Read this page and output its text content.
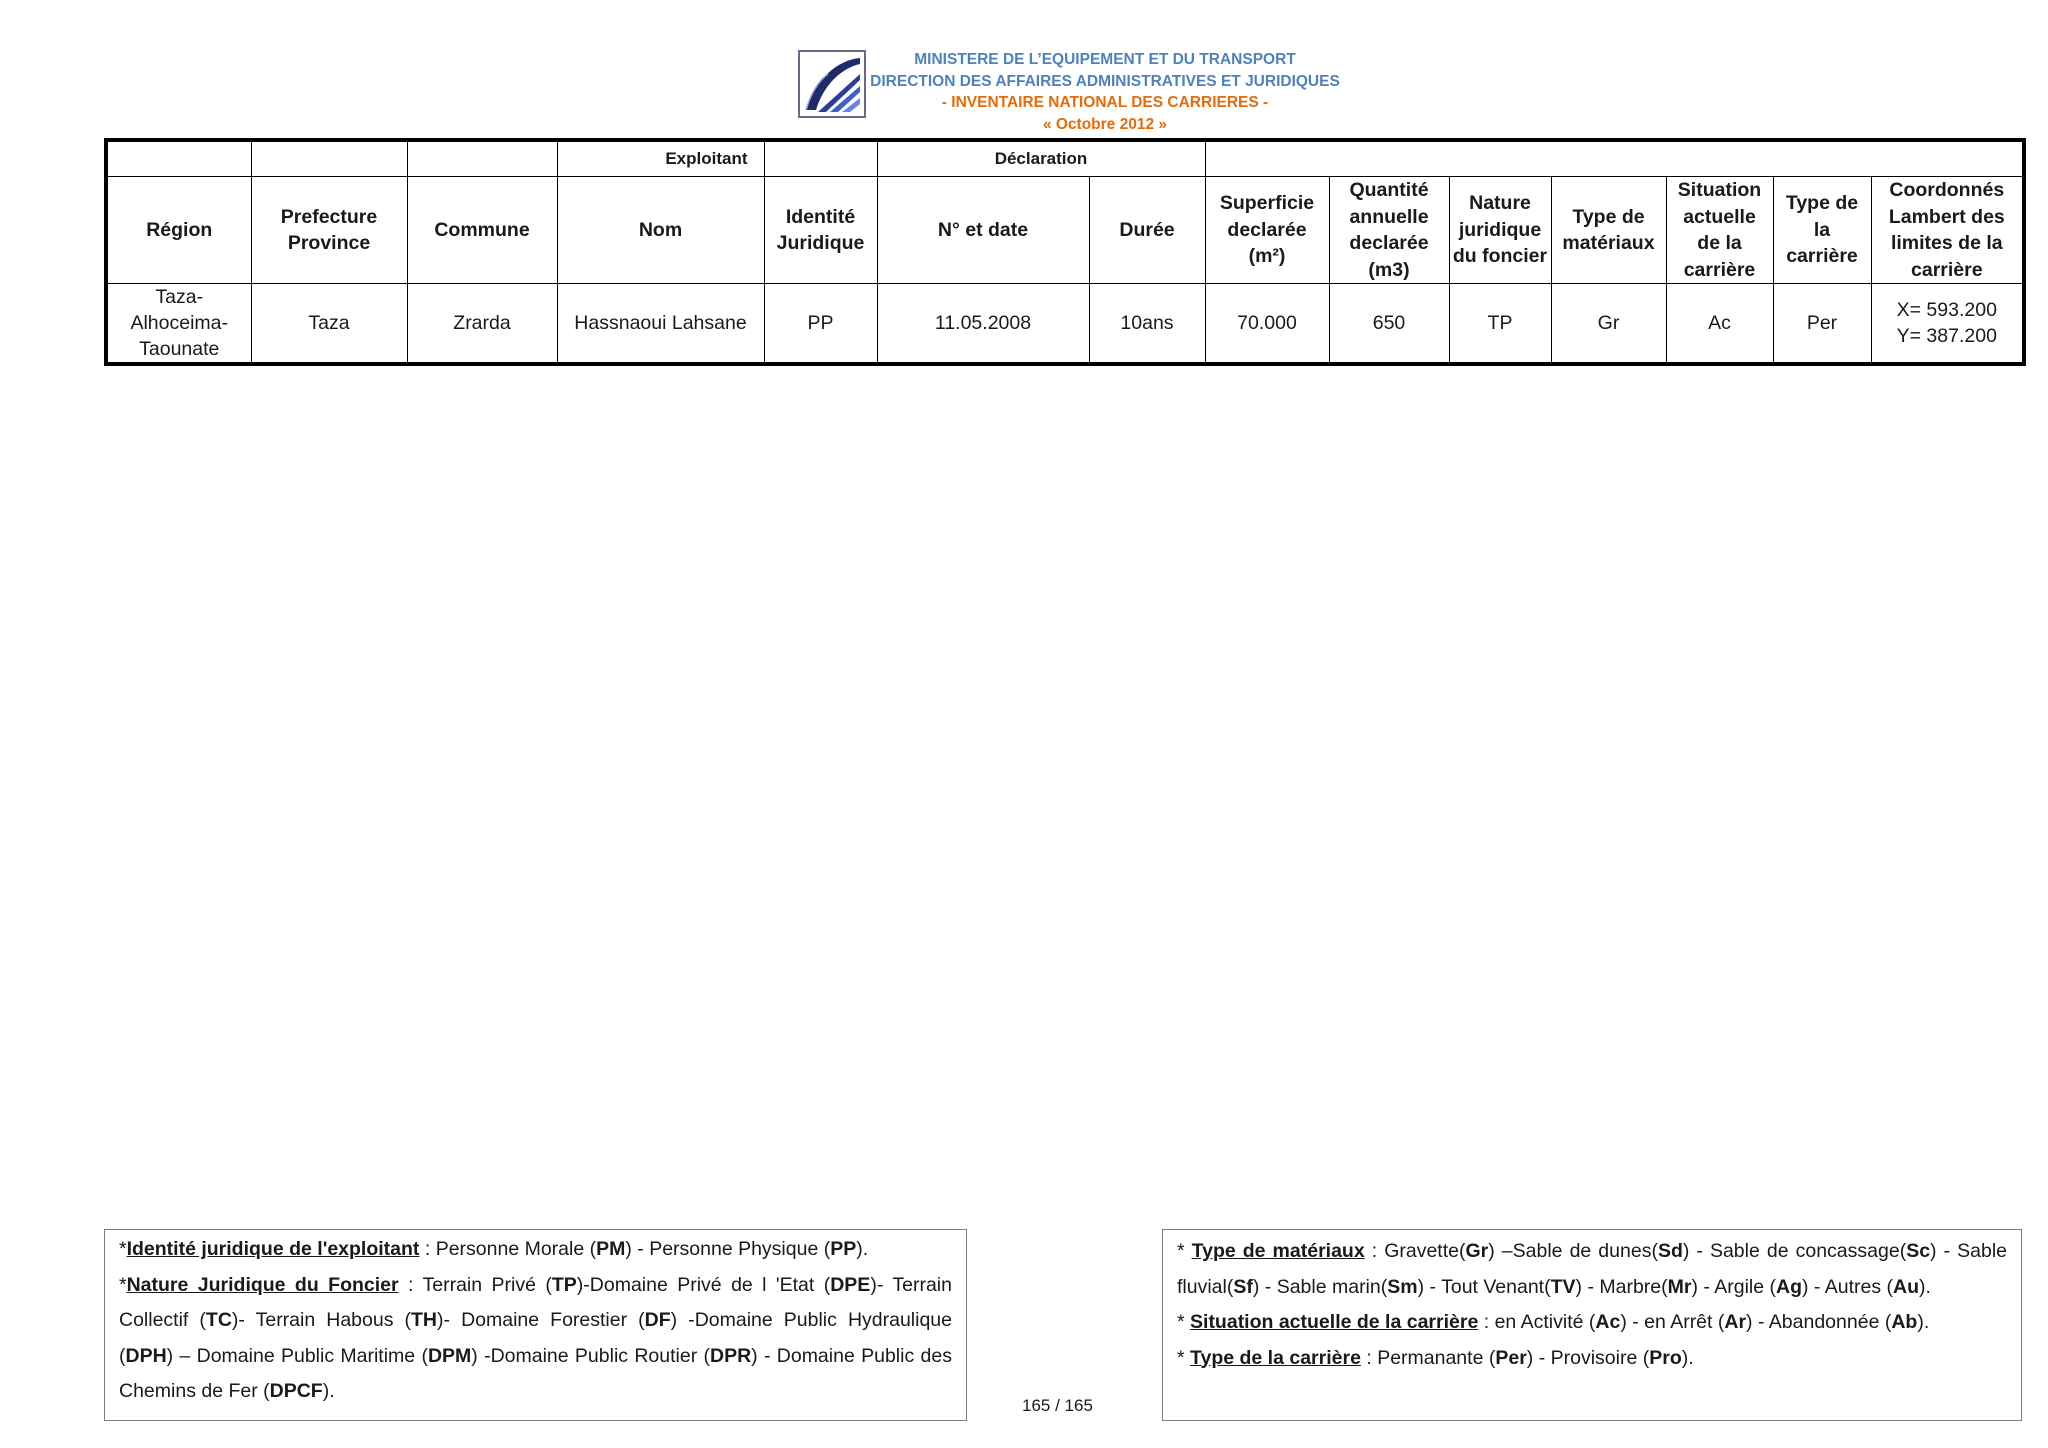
MINISTERE DE L’EQUIPEMENT ET DU TRANSPORT
DIRECTION DES AFFAIRES ADMINISTRATIVES ET JURIDIQUES
- INVENTAIRE NATIONAL DES CARRIERES -
« Octobre 2012 »
			Exploitant		Déclaration								
Région	Prefecture Province	Commune	Nom	Identité Juridique	N° et date	Durée	Superficie declarée (m²)	Quantité annuelle declarée (m3)	Nature juridique du foncier	Type de matériaux	Situation actuelle de la carrière	Type de la carrière	Coordonnés Lambert des limites de la carrière
Taza-Alhoceima-Taounate	Taza	Zrarda	Hassnaoui Lahsane	PP	11.05.2008	10ans	70.000	650	TP	Gr	Ac	Per	X= 593.200
Y= 387.200
*Identité juridique de l'exploitant : Personne Morale (PM) - Personne Physique (PP).
*Nature Juridique du Foncier : Terrain Privé (TP)-Domaine Privé de l 'Etat (DPE)- Terrain Collectif (TC)- Terrain Habous (TH)- Domaine Forestier (DF) -Domaine Public Hydraulique (DPH) – Domaine Public Maritime (DPM) -Domaine Public Routier (DPR) - Domaine Public des Chemins de Fer (DPCF).
* Type de matériaux : Gravette(Gr) –Sable de dunes(Sd) - Sable de concassage(Sc) - Sable fluvial(Sf) - Sable marin(Sm) - Tout Venant(TV) - Marbre(Mr) - Argile (Ag) - Autres (Au).
* Situation actuelle de la carrière : en Activité (Ac) - en Arrêt (Ar) - Abandonnée (Ab).
* Type de la carrière : Permanante (Per) - Provisoire (Pro).
165 / 165
